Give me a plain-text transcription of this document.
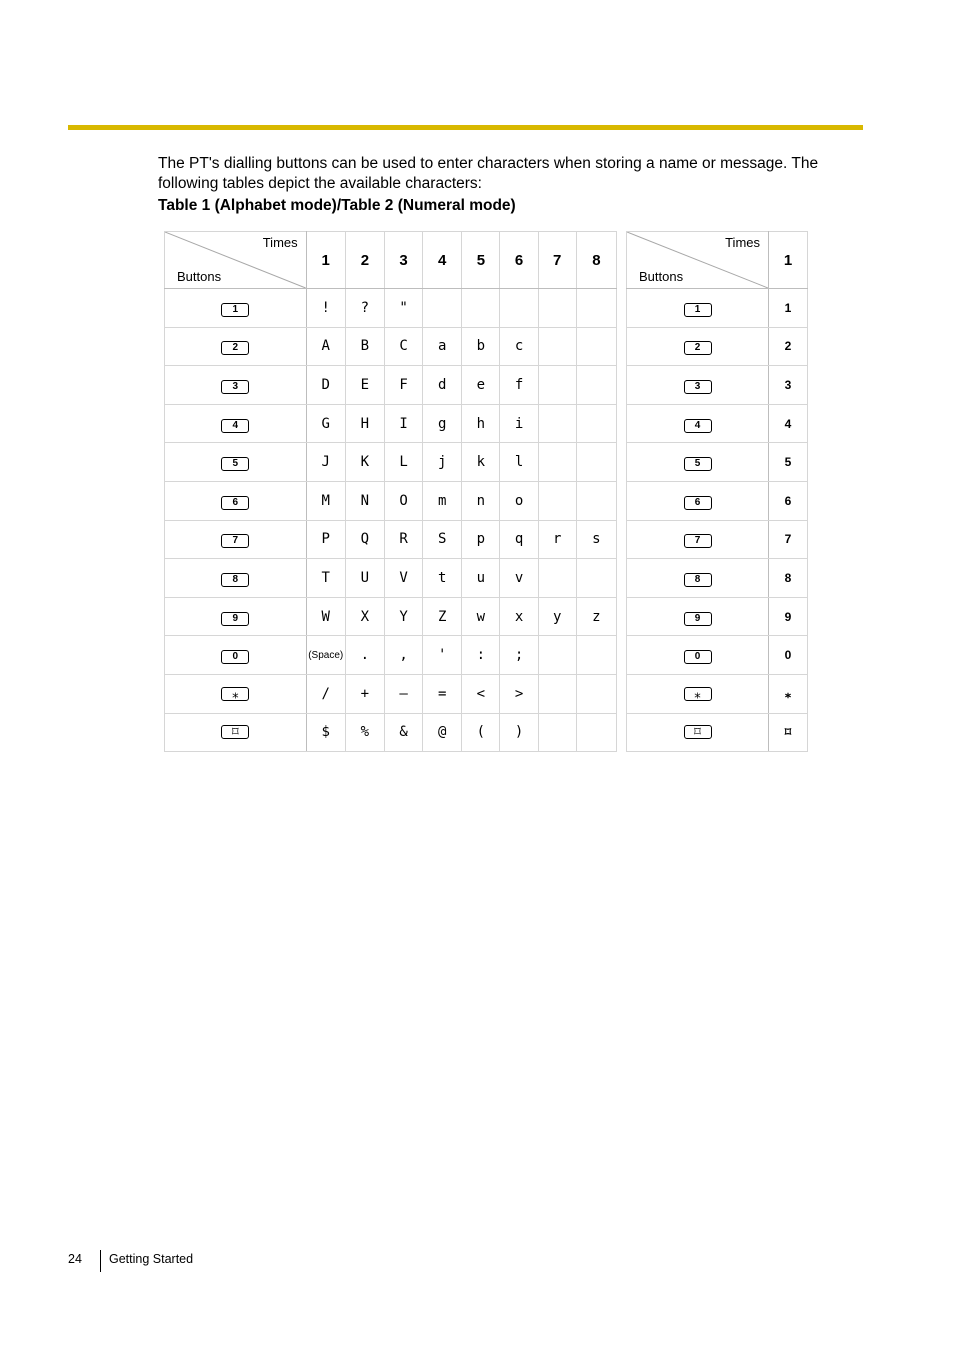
The PT's dialling buttons can be used to enter characters when storing a name or message. The following tables depict the available characters:

Table 1 (Alphabet mode)/Table 2 (Numeral mode)

Times
Buttons	1	2	3	4	5	6	7	8
1	!	?	"					
2	A	B	C	a	b	c		
3	D	E	F	d	e	f		
4	G	H	I	g	h	i		
5	J	K	L	j	k	l		
6	M	N	O	m	n	o		
7	P	Q	R	S	p	q	r	s
8	T	U	V	t	u	v		
9	W	X	Y	Z	w	x	y	z
0	(Space)	.	,	'	:	;		
⁎	/	+	—	=	<	>		
⌑	$	%	&	@	(	)		
Times
Buttons	1
1	1
2	2
3	3
4	4
5	5
6	6
7	7
8	8
9	9
0	0
⁎	⁎
⌑	⌑
24 Getting Started
